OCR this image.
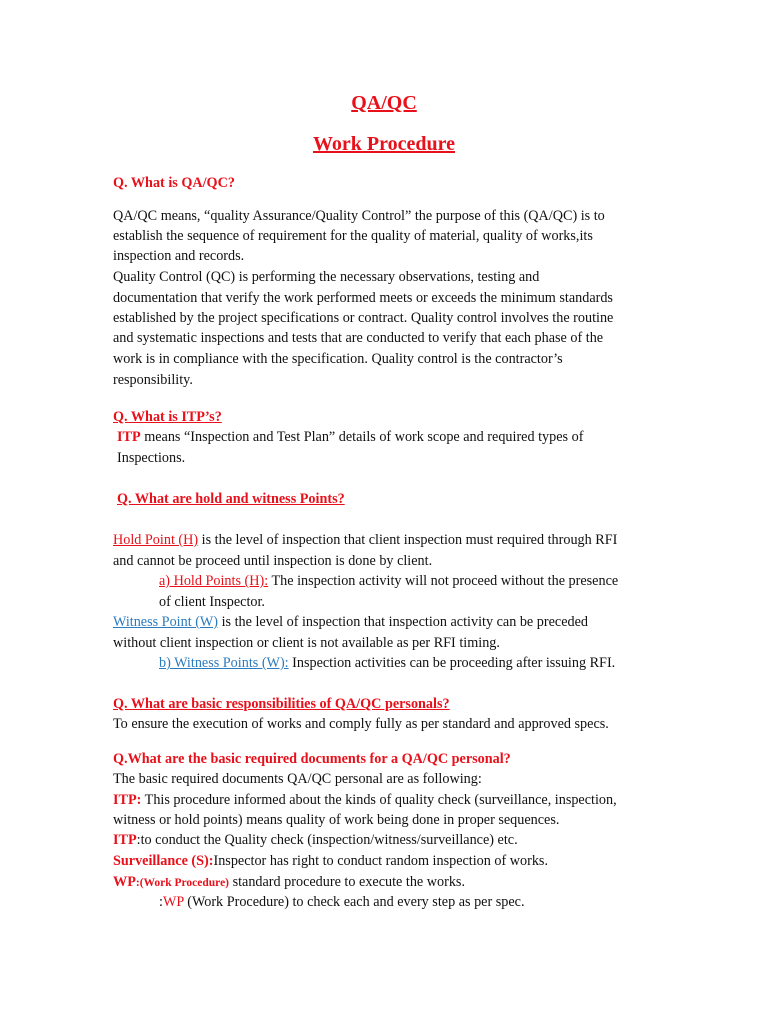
QA/QC
Work Procedure

Q. What is QA/QC?

QA/QC means, “quality Assurance/Quality Control” the purpose of this (QA/QC) is to

establish the sequence of requirement for the quality of material, quality of works,its

inspection and records.

Quality Control (QC) is performing the necessary observations, testing and

documentation that verify the work performed meets or exceeds the minimum standards

established by the project specifications or contract. Quality control involves the routine

and systematic inspections and tests that are conducted to verify that each phase of the

work is in compliance with the specification. Quality control is the contractor’s

responsibility.

Q. What is ITP’s?

ITP means “Inspection and Test Plan” details of work scope and required types of

Inspections.

Q. What are hold and witness Points?

Hold Point (H) is the level of inspection that client inspection must required through RFI

and cannot be proceed until inspection is done by client.

a) Hold Points (H): The inspection activity will not proceed without the presence

of client Inspector.

Witness Point (W) is the level of inspection that inspection activity can be preceded

without client inspection or client is not available as per RFI timing.

b) Witness Points (W): Inspection activities can be proceeding after issuing RFI.

Q. What are basic responsibilities of QA/QC personals?

To ensure the execution of works and comply fully as per standard and approved specs.

Q.What are the basic required documents for a QA/QC personal?

The basic required documents QA/QC personal are as following:

ITP: This procedure informed about the kinds of quality check (surveillance, inspection,

witness or hold points) means quality of work being done in proper sequences.

ITP:to conduct the Quality check (inspection/witness/surveillance) etc.

Surveillance (S):Inspector has right to conduct random inspection of works.

WP:(Work Procedure) standard procedure to execute the works.

:WP (Work Procedure) to check each and every step as per spec.
